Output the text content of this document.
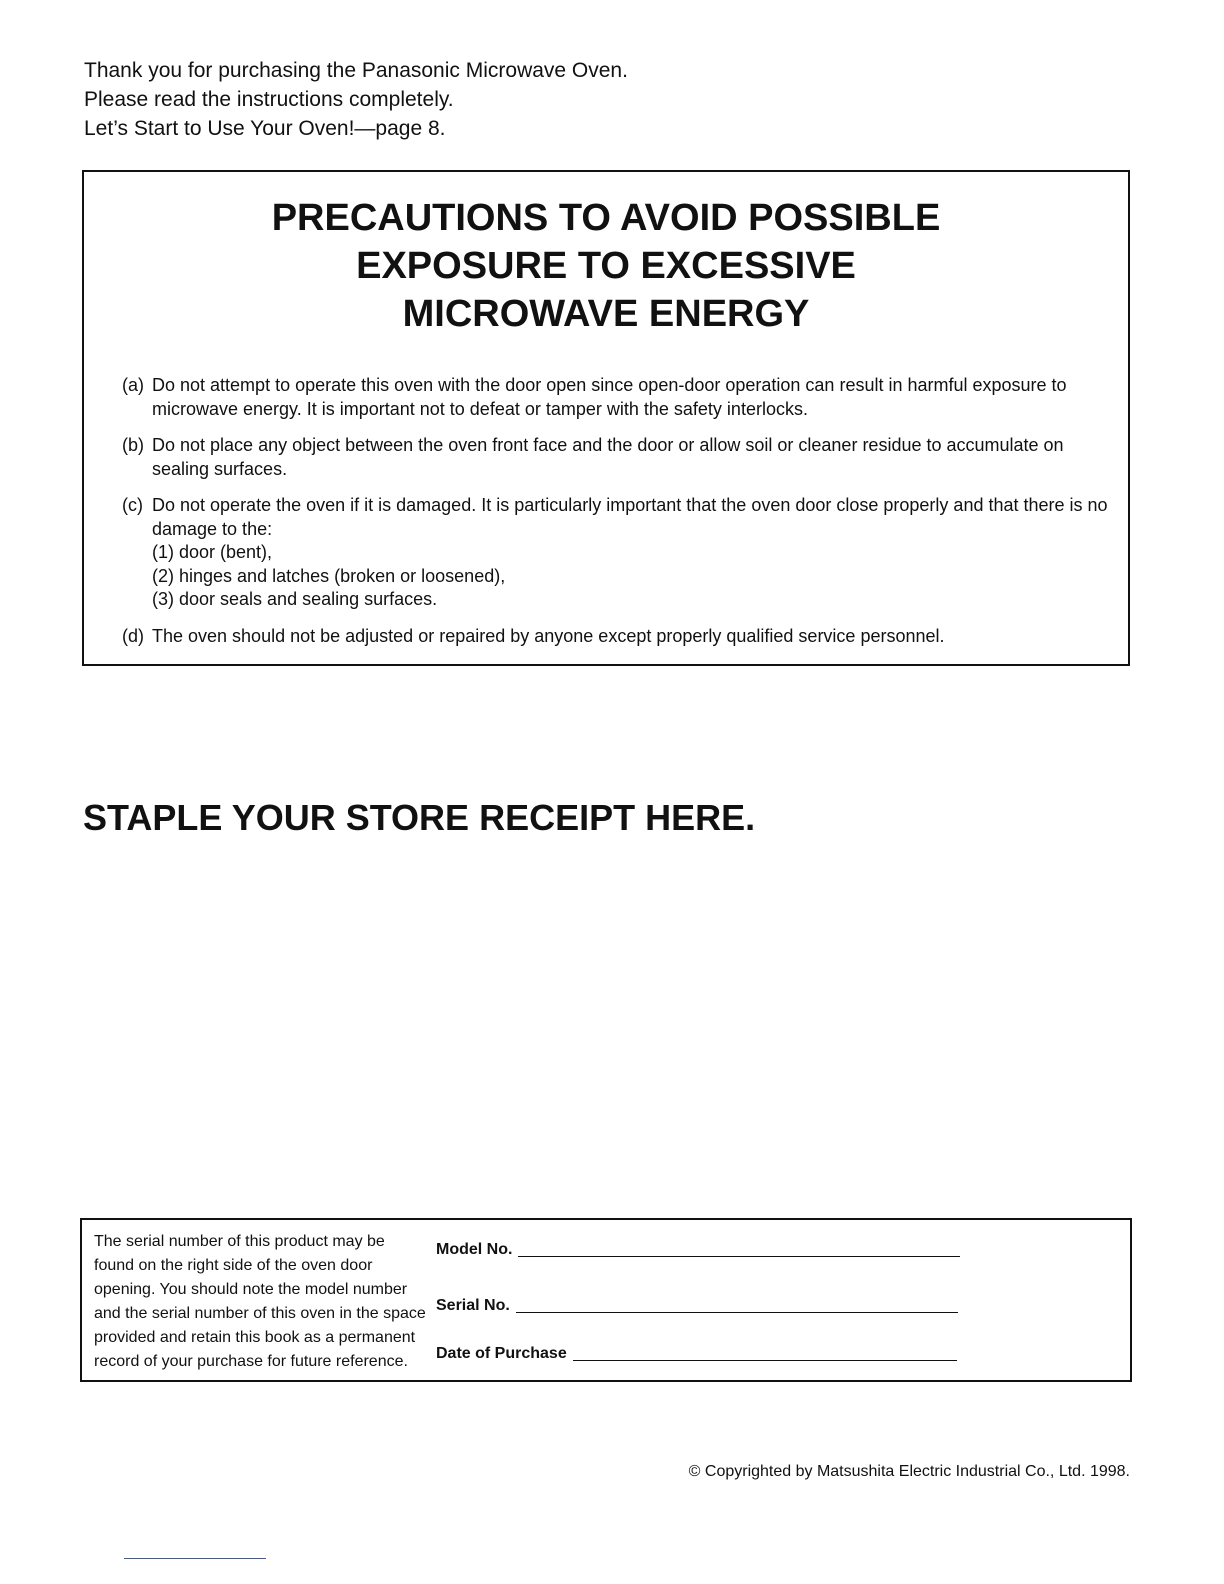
Thank you for purchasing the Panasonic Microwave Oven.
Please read the instructions completely.
Let’s Start to Use Your Oven!—page 8.
PRECAUTIONS TO AVOID POSSIBLE
EXPOSURE TO EXCESSIVE
MICROWAVE ENERGY
(a) Do not attempt to operate this oven with the door open since open-door operation can result in harmful exposure to microwave energy. It is important not to defeat or tamper with the safety interlocks.
(b) Do not place any object between the oven front face and the door or allow soil or cleaner residue to accumulate on sealing surfaces.
(c) Do not operate the oven if it is damaged. It is particularly important that the oven door close properly and that there is no damage to the:
(1) door (bent),
(2) hinges and latches (broken or loosened),
(3) door seals and sealing surfaces.
(d) The oven should not be adjusted or repaired by anyone except properly qualified service personnel.
STAPLE YOUR STORE RECEIPT HERE.
The serial number of this product may be
found on the right side of the oven door
opening. You should note the model number
and the serial number of this oven in the space
provided and retain this book as a permanent
record of your purchase for future reference.
Model No.
Serial No.
Date of Purchase
© Copyrighted by Matsushita Electric Industrial Co., Ltd. 1998.
